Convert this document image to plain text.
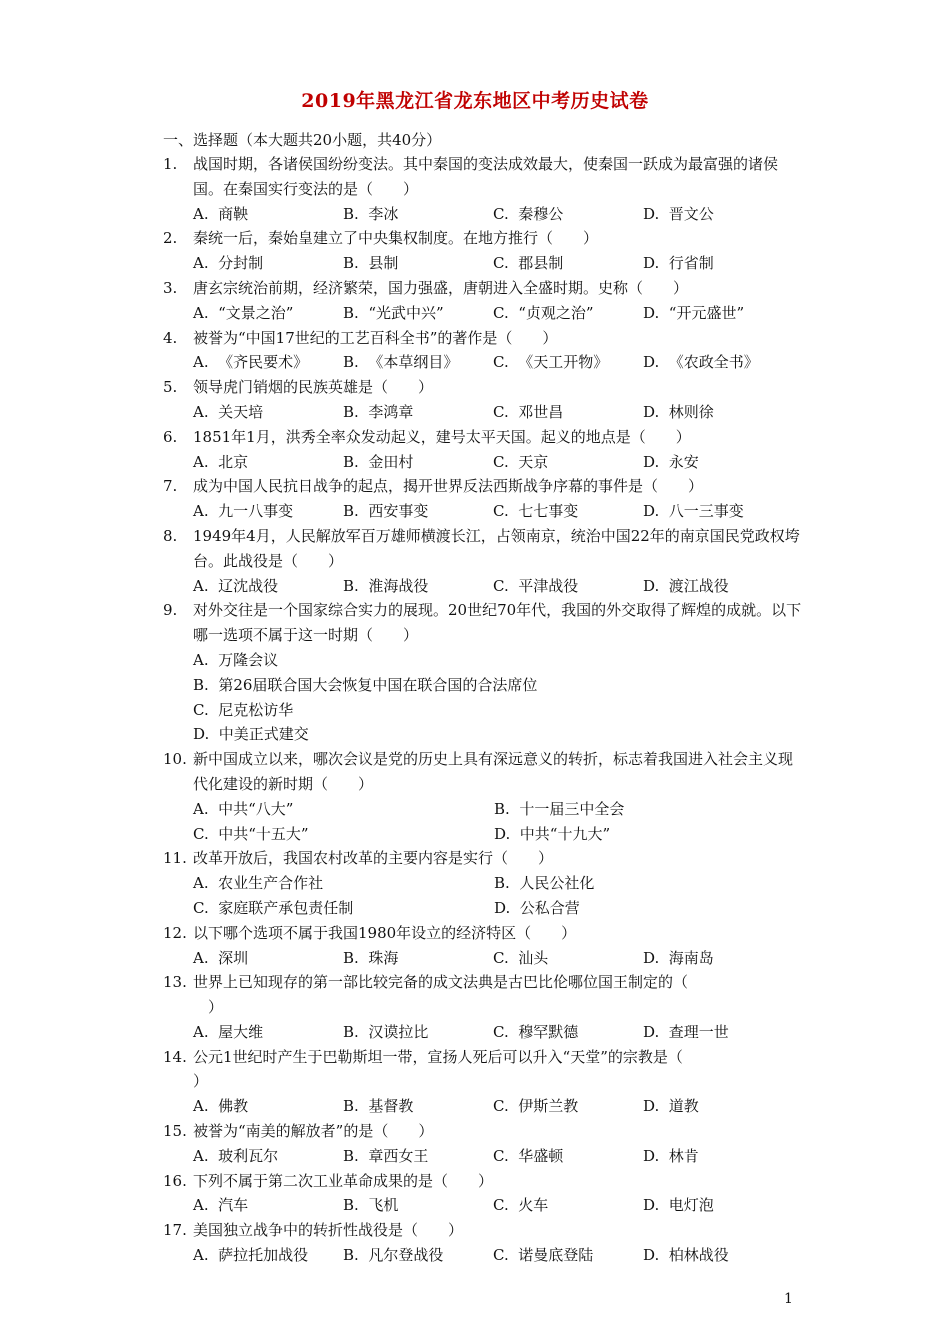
2019年黑龙江省龙东地区中考历史试卷
一、选择题（本大题共20小题，共40分）
1.	战国时期，各诸侯国纷纷变法。其中秦国的变法成效最大，使秦国一跃成为最富强的诸侯国。在秦国实行变法的是（　　）
A.  商鞅	B.  李冰	C.  秦穆公	D.  晋文公
2.	秦统一后，秦始皇建立了中央集权制度。在地方推行（　　）
A.  分封制	B.  县制	C.  郡县制	D.  行省制
3.	唐玄宗统治前期，经济繁荣，国力强盛，唐朝进入全盛时期。史称（　　）
A.  “文景之治”	B.  “光武中兴”	C.  “贞观之治”	D.  “开元盛世”
4.	被誉为“中国17世纪的工艺百科全书”的著作是（　　）
A.  《齐民要术》	B.  《本草纲目》	C.  《天工开物》	D.  《农政全书》
5.	领导虎门销烟的民族英雄是（　　）
A.  关天培	B.  李鸿章	C.  邓世昌	D.  林则徐
6.	1851年1月，洪秀全率众发动起义，建号太平天国。起义的地点是（　　）
A.  北京	B.  金田村	C.  天京	D.  永安
7.	成为中国人民抗日战争的起点，揭开世界反法西斯战争序幕的事件是（　　）
A.  九一八事变	B.  西安事变	C.  七七事变	D.  八一三事变
8.	1949年4月，人民解放军百万雄师横渡长江，占领南京，统治中国22年的南京国民党政权垮台。此战役是（　　）
A.  辽沈战役	B.  淮海战役	C.  平津战役	D.  渡江战役
9.	对外交往是一个国家综合实力的展现。20世纪70年代，我国的外交取得了辉煌的成就。以下哪一选项不属于这一时期（　　）
A.  万隆会议
B.  第26届联合国大会恢复中国在联合国的合法席位
C.  尼克松访华
D.  中美正式建交
10. 新中国成立以来，哪次会议是党的历史上具有深远意义的转折，标志着我国进入社会主义现代化建设的新时期（　　）
A.  中共“八大”	B.  十一届三中全会
C.  中共“十五大”	D.  中共“十九大”
11. 改革开放后，我国农村改革的主要内容是实行（　　）
A.  农业生产合作社	B.  人民公社化
C.  家庭联产承包责任制	D.  公私合营
12. 以下哪个选项不属于我国1980年设立的经济特区（　　）
A.  深圳	B.  珠海	C.  汕头	D.  海南岛
13. 世界上已知现存的第一部比较完备的成文法典是古巴比伦哪位国王制定的（
　）
A.  屋大维	B.  汉谟拉比	C.  穆罕默德	D.  查理一世
14. 公元1世纪时产生于巴勒斯坦一带，宣扬人死后可以升入“天堂”的宗教是（
）
A.  佛教	B.  基督教	C.  伊斯兰教	D.  道教
15. 被誉为“南美的解放者”的是（　　）
A.  玻利瓦尔	B.  章西女王	C.  华盛顿	D.  林肯
16. 下列不属于第二次工业革命成果的是（　　）
A.  汽车	B.  飞机	C.  火车	D.  电灯泡
17. 美国独立战争中的转折性战役是（　　）
A.  萨拉托加战役	B.  凡尔登战役	C.  诺曼底登陆	D.  柏林战役
1
